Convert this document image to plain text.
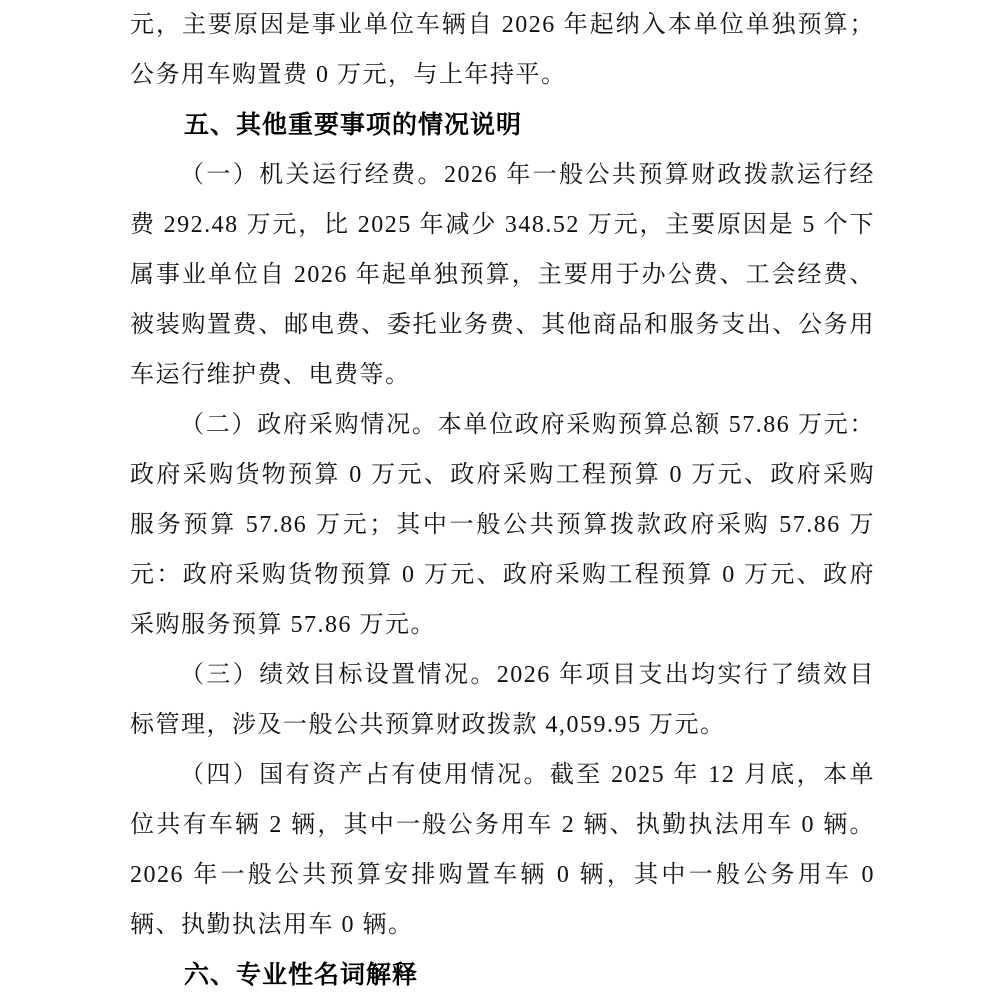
元，主要原因是事业单位车辆自 2026 年起纳入本单位单独预算；公务用车购置费 0 万元，与上年持平。

五、其他重要事项的情况说明

（一）机关运行经费。2026 年一般公共预算财政拨款运行经费 292.48 万元，比 2025 年减少 348.52 万元，主要原因是 5 个下属事业单位自 2026 年起单独预算，主要用于办公费、工会经费、被装购置费、邮电费、委托业务费、其他商品和服务支出、公务用车运行维护费、电费等。

（二）政府采购情况。本单位政府采购预算总额 57.86 万元：政府采购货物预算 0 万元、政府采购工程预算 0 万元、政府采购服务预算 57.86 万元；其中一般公共预算拨款政府采购 57.86 万元：政府采购货物预算 0 万元、政府采购工程预算 0 万元、政府采购服务预算 57.86 万元。

（三）绩效目标设置情况。2026 年项目支出均实行了绩效目标管理，涉及一般公共预算财政拨款 4,059.95 万元。

（四）国有资产占有使用情况。截至 2025 年 12 月底，本单位共有车辆 2 辆，其中一般公务用车 2 辆、执勤执法用车 0 辆。2026 年一般公共预算安排购置车辆 0 辆，其中一般公务用车 0 辆、执勤执法用车 0 辆。

六、专业性名词解释
